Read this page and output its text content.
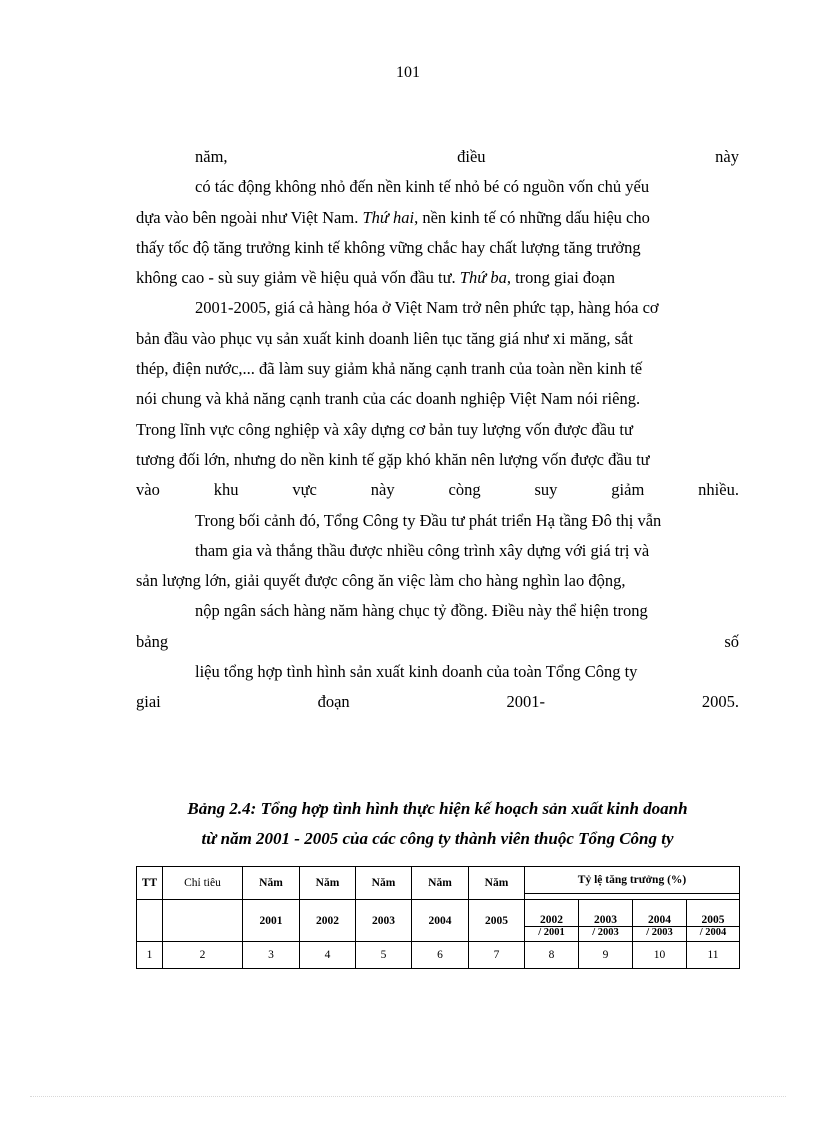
101
năm,	điều	này
có tác động không nhỏ đến nền kinh tế nhỏ bé có nguồn vốn chủ yếu
dựa vào bên ngoài như Việt Nam. Thứ hai, nền kinh tế có những dấu hiệu cho
thấy tốc độ tăng trưởng kinh tế không vững chắc hay chất lượng tăng trưởng
không cao - sù suy giảm về hiệu quả vốn đầu tư. Thứ ba, trong giai đoạn
2001-2005, giá cả hàng hóa ở Việt Nam trở nên phức tạp, hàng hóa cơ
bản đầu vào phục vụ sản xuất kinh doanh liên tục tăng giá như xi măng, sắt
thép, điện nước,... đã làm suy giảm khả năng cạnh tranh của toàn nền kinh tế
nói chung và khả năng cạnh tranh của các doanh nghiệp Việt Nam nói riêng.
Trong lĩnh vực công nghiệp và xây dựng cơ bản tuy lượng vốn được đầu tư
tương đối lớn, nhưng do nền kinh tế gặp khó khăn nên lượng vốn được đầu tư
vào	khu	vực	này	còng	suy	giảm	nhiều.
Trong bối cảnh đó, Tổng Công ty Đầu tư phát triển Hạ tầng Đô thị vẫn
tham gia và thắng thầu được nhiều công trình xây dựng với giá trị và
sản lượng lớn, giải quyết được công ăn việc làm cho hàng nghìn lao động,
nộp ngân sách hàng năm hàng chục tỷ đồng. Điều này thể hiện trong
bảng	số
liệu tổng hợp tình hình sản xuất kinh doanh của toàn Tổng Công ty
giai	đoạn	2001-	2005.
Bảng 2.4: Tổng hợp tình hình thực hiện kế hoạch sản xuất kinh doanh
từ năm 2001 - 2005 của các công ty thành viên thuộc Tổng Công ty
TT	Chỉ tiêu	Năm	Năm	Năm	Năm	Năm	Tỷ lệ tăng trưởng (%)			

		2001	2002	2003	2004	2005	2002	2003	2004	2005
							/ 2001	/ 2003	/ 2003	/ 2004
1	2	3	4	5	6	7	8	9	10	11
